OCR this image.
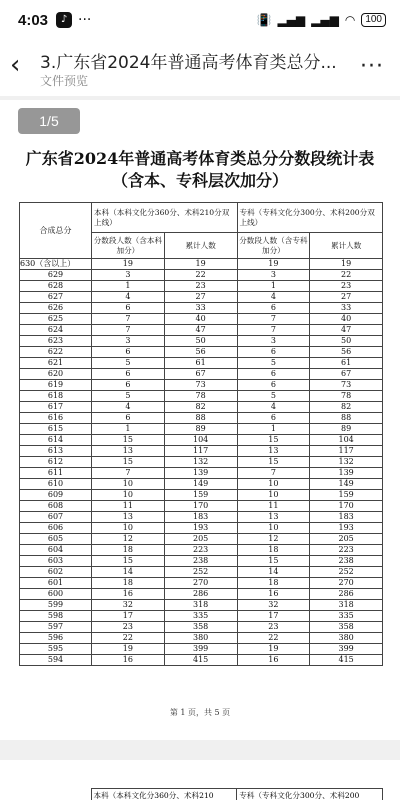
4:03	♪ ···	📳 ▂▄▆ ▂▄▆ ◠	100
‹	3.广东省2024年普通高考体育类总分...
文件预览
···
1/5
广东省2024年普通高考体育类总分分数段统计表
（含本、专科层次加分）
合成总分	本科（本科文化分360分、术科210分双上线）		专科（专科文化分300分、术科200分双上线）	
	分数段人数（含本科加分）	累计人数	分数段人数（含专科加分）	累计人数
630（含以上）	19	19	19	19
629	3	22	3	22
628	1	23	1	23
627	4	27	4	27
626	6	33	6	33
625	7	40	7	40
624	7	47	7	47
623	3	50	3	50
622	6	56	6	56
621	5	61	5	61
620	6	67	6	67
619	6	73	6	73
618	5	78	5	78
617	4	82	4	82
616	6	88	6	88
615	1	89	1	89
614	15	104	15	104
613	13	117	13	117
612	15	132	15	132
611	7	139	7	139
610	10	149	10	149
609	10	159	10	159
608	11	170	11	170
607	13	183	13	183
606	10	193	10	193
605	12	205	12	205
604	18	223	18	223
603	15	238	15	238
602	14	252	14	252
601	18	270	18	270
600	16	286	16	286
599	32	318	32	318
598	17	335	17	335
597	23	358	23	358
596	22	380	22	380
595	19	399	19	399
594	16	415	16	415
第 1 页，共 5 页
	本科（本科文化分360分、术科210	专科（专科文化分300分、术科200
